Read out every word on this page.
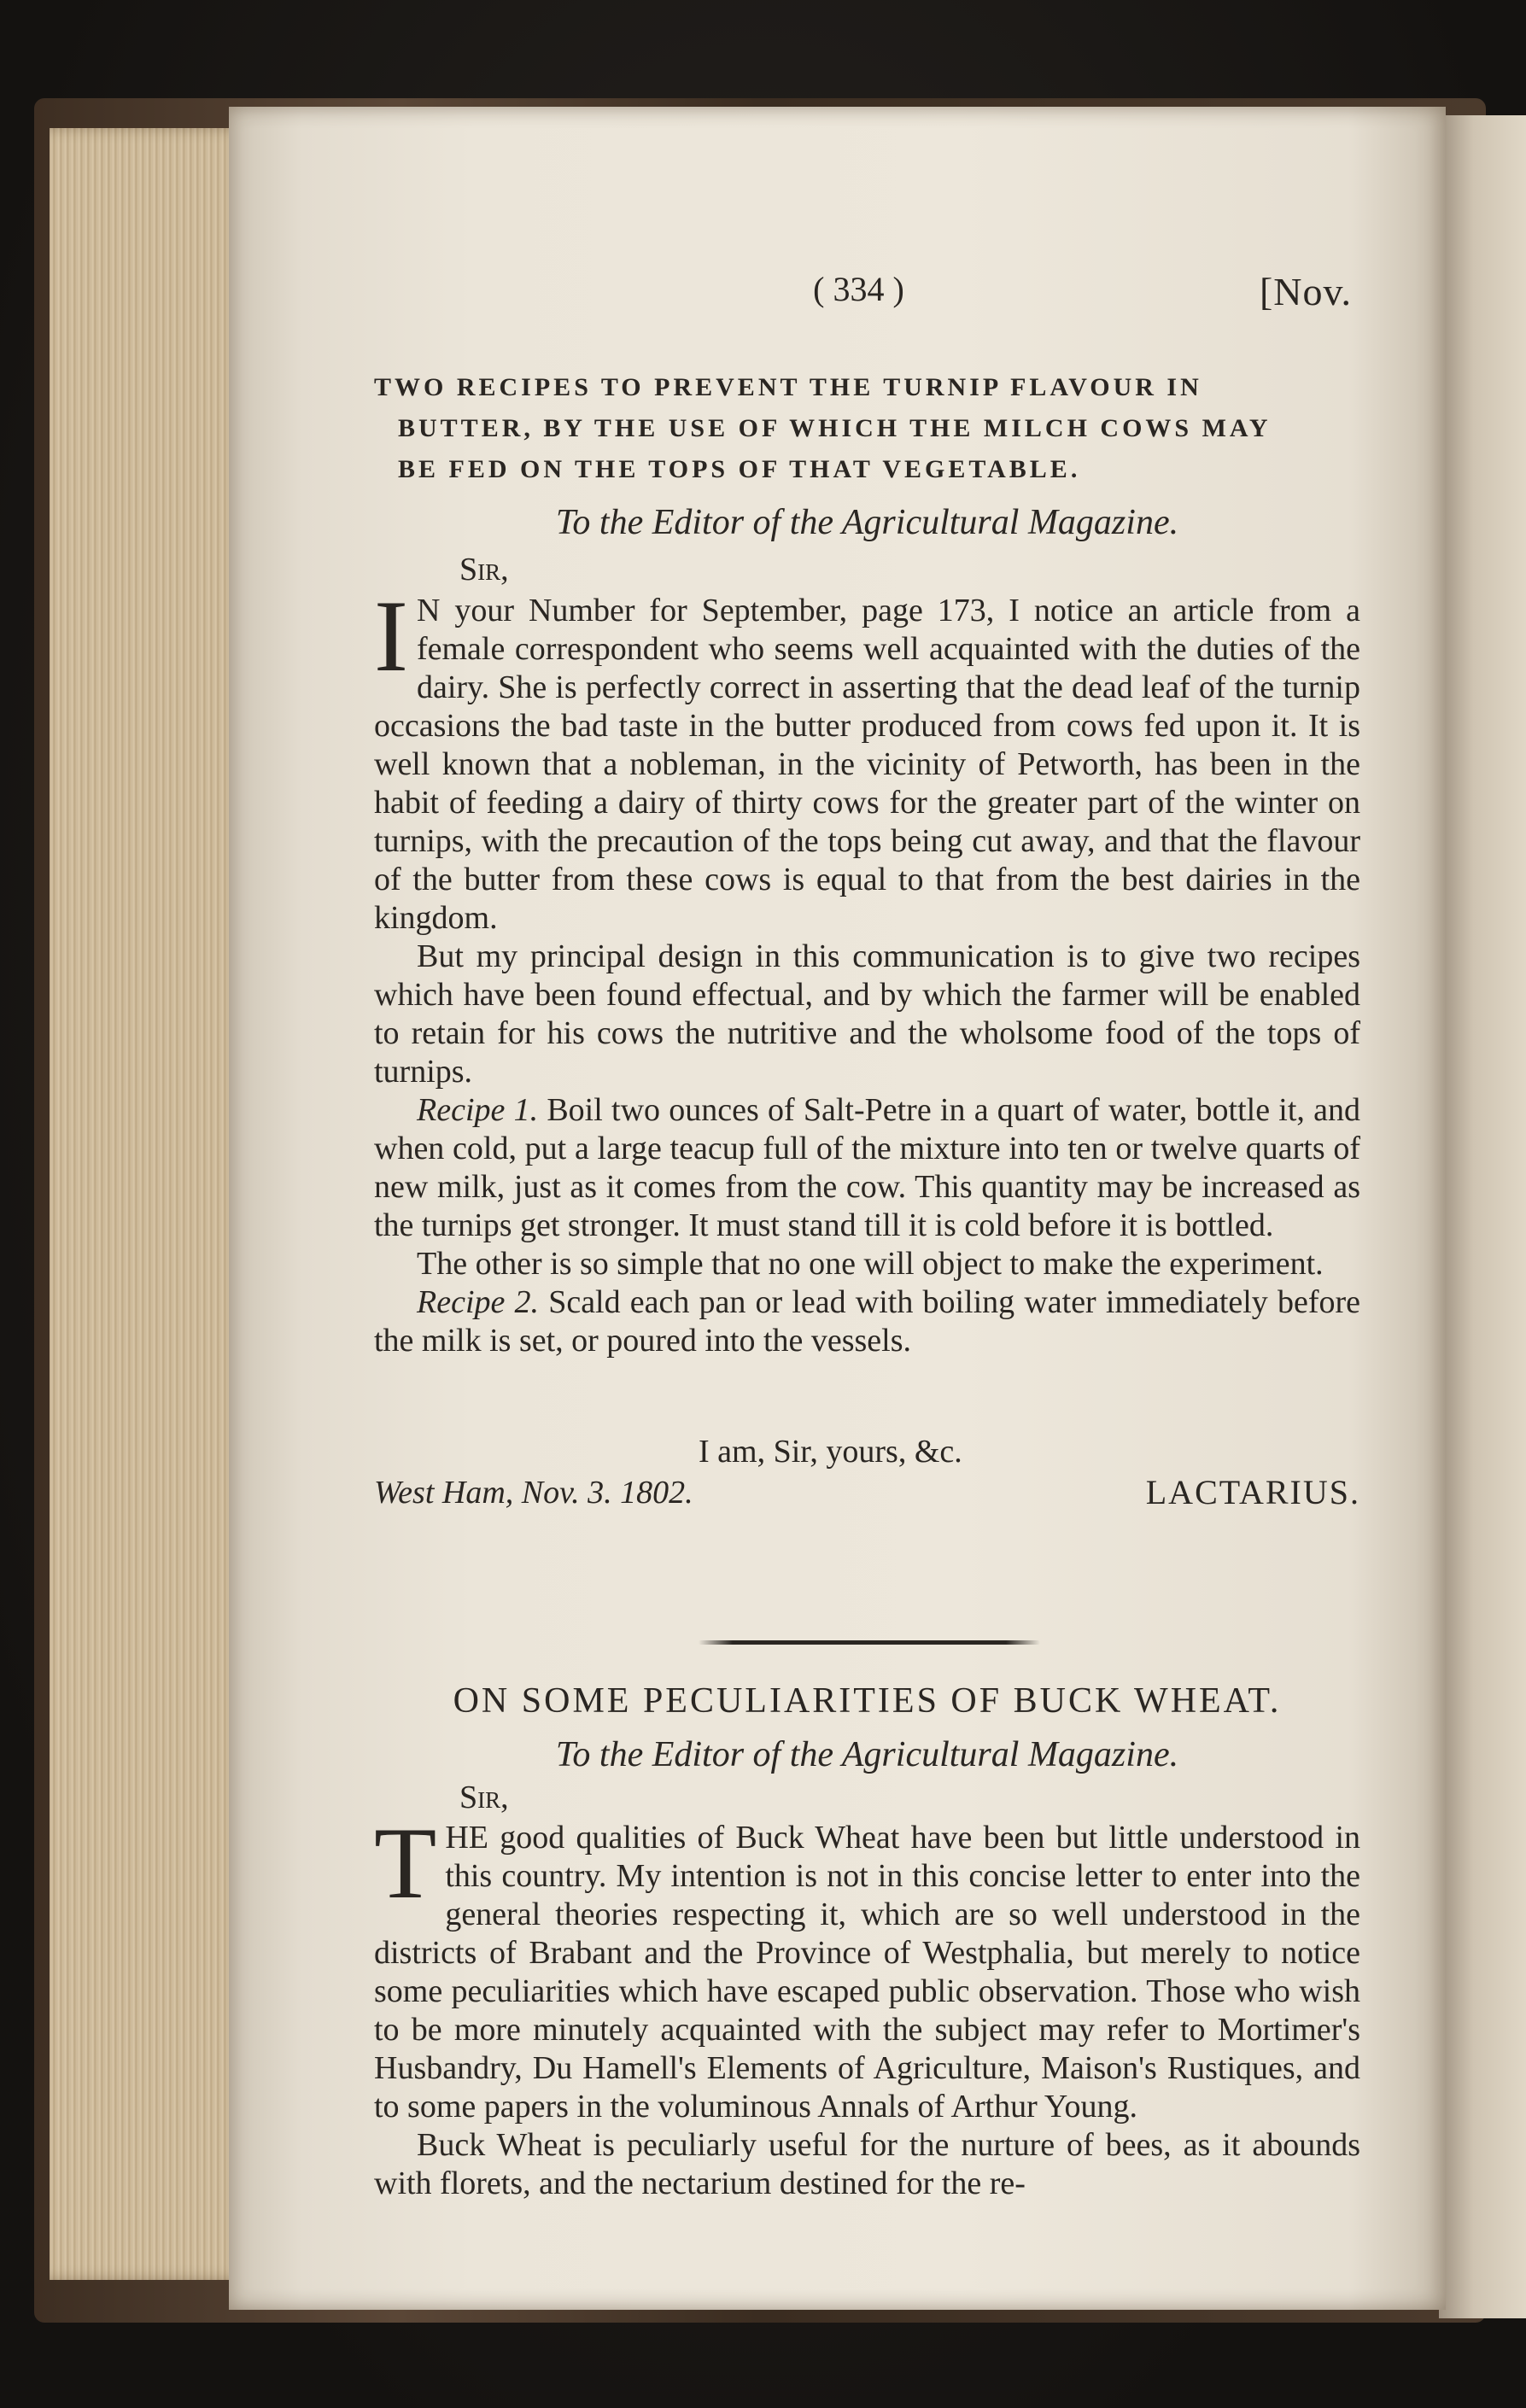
( 334 )	[Nov.
TWO RECIPES TO PREVENT THE TURNIP FLAVOUR IN
BUTTER, BY THE USE OF WHICH THE MILCH COWS MAY
BE FED ON THE TOPS OF THAT VEGETABLE.
To the Editor of the Agricultural Magazine.
Sir,

I N your Number for September, page 173, I notice an article from a female correspondent who seems well acquainted with the duties of the dairy. She is perfectly correct in asserting that the dead leaf of the turnip occasions the bad taste in the butter produced from cows fed upon it. It is well known that a nobleman, in the vicinity of Petworth, has been in the habit of feeding a dairy of thirty cows for the greater part of the winter on turnips, with the precaution of the tops being cut away, and that the flavour of the butter from these cows is equal to that from the best dairies in the kingdom.

But my principal design in this communication is to give two recipes which have been found effectual, and by which the farmer will be enabled to retain for his cows the nutritive and the wholsome food of the tops of turnips.

Recipe 1. Boil two ounces of Salt-Petre in a quart of water, bottle it, and when cold, put a large teacup full of the mixture into ten or twelve quarts of new milk, just as it comes from the cow. This quantity may be increased as the turnips get stronger. It must stand till it is cold before it is bottled.

The other is so simple that no one will object to make the experiment.

Recipe 2. Scald each pan or lead with boiling water immediately before the milk is set, or poured into the vessels.

I am, Sir, yours, &c.
West Ham, Nov. 3. 1802.	LACTARIUS.
ON SOME PECULIARITIES OF BUCK WHEAT.
To the Editor of the Agricultural Magazine.
Sir,

THE good qualities of Buck Wheat have been but little understood in this country. My intention is not in this concise letter to enter into the general theories respecting it, which are so well understood in the districts of Brabant and the Province of Westphalia, but merely to notice some peculiarities which have escaped public observation. Those who wish to be more minutely acquainted with the subject may refer to Mortimer's Husbandry, Du Hamell's Elements of Agriculture, Maison's Rustiques, and to some papers in the voluminous Annals of Arthur Young.

Buck Wheat is peculiarly useful for the nurture of bees, as it abounds with florets, and the nectarium destined for the re-
